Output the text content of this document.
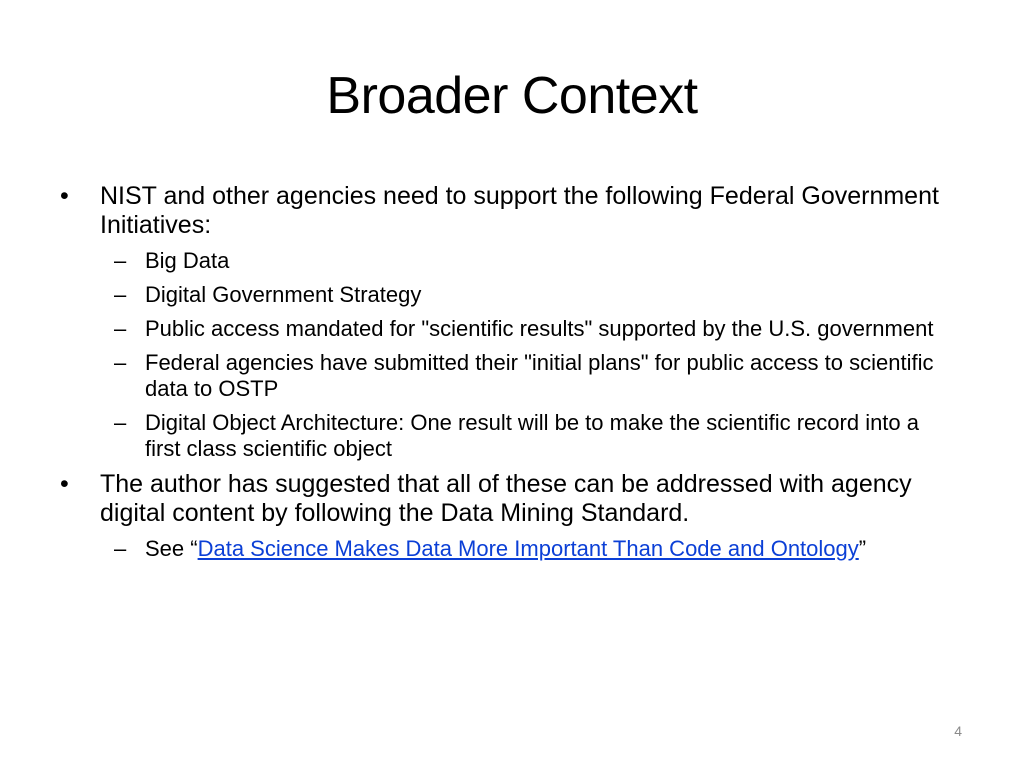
Broader Context
• NIST and other agencies need to support the following Federal Government Initiatives:
– Big Data
– Digital Government Strategy
– Public access mandated for "scientific results" supported by the U.S. government
– Federal agencies have submitted their "initial plans" for public access to scientific data to OSTP
– Digital Object Architecture: One result will be to make the scientific record into a first class scientific object
• The author has suggested that all of these can be addressed with agency digital content by following the Data Mining Standard.
– See “Data Science Makes Data More Important Than Code and Ontology”
4
